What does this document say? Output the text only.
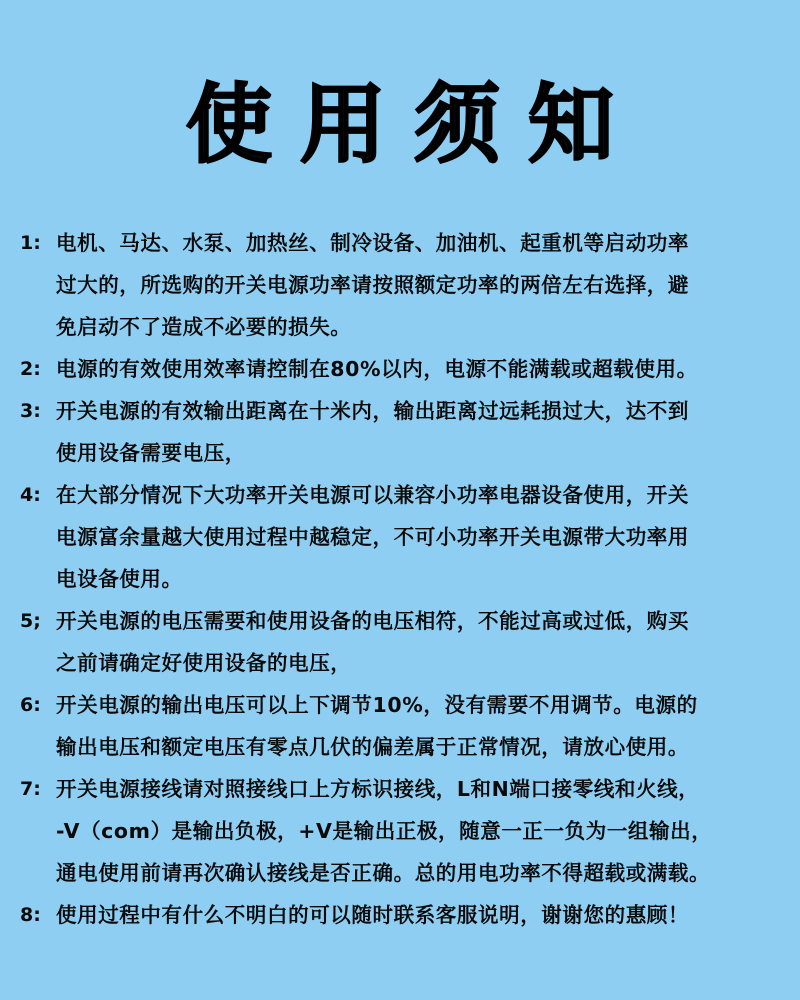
使用须知
1: 电机、马达、水泵、加热丝、制冷设备、加油机、起重机等启动功率
过大的，所选购的开关电源功率请按照额定功率的两倍左右选择，避
免启动不了造成不必要的损失。
2: 电源的有效使用效率请控制在80%以内，电源不能满载或超载使用。
3: 开关电源的有效输出距离在十米内，输出距离过远耗损过大，达不到
使用设备需要电压，
4: 在大部分情况下大功率开关电源可以兼容小功率电器设备使用，开关
电源富余量越大使用过程中越稳定，不可小功率开关电源带大功率用
电设备使用。
5; 开关电源的电压需要和使用设备的电压相符，不能过高或过低，购买
之前请确定好使用设备的电压，
6: 开关电源的输出电压可以上下调节10%，没有需要不用调节。电源的
输出电压和额定电压有零点几伏的偏差属于正常情况，请放心使用。
7: 开关电源接线请对照接线口上方标识接线，L和N端口接零线和火线，
-V（com）是输出负极，+V是输出正极，随意一正一负为一组输出，
通电使用前请再次确认接线是否正确。总的用电功率不得超载或满载。
8: 使用过程中有什么不明白的可以随时联系客服说明，谢谢您的惠顾！
